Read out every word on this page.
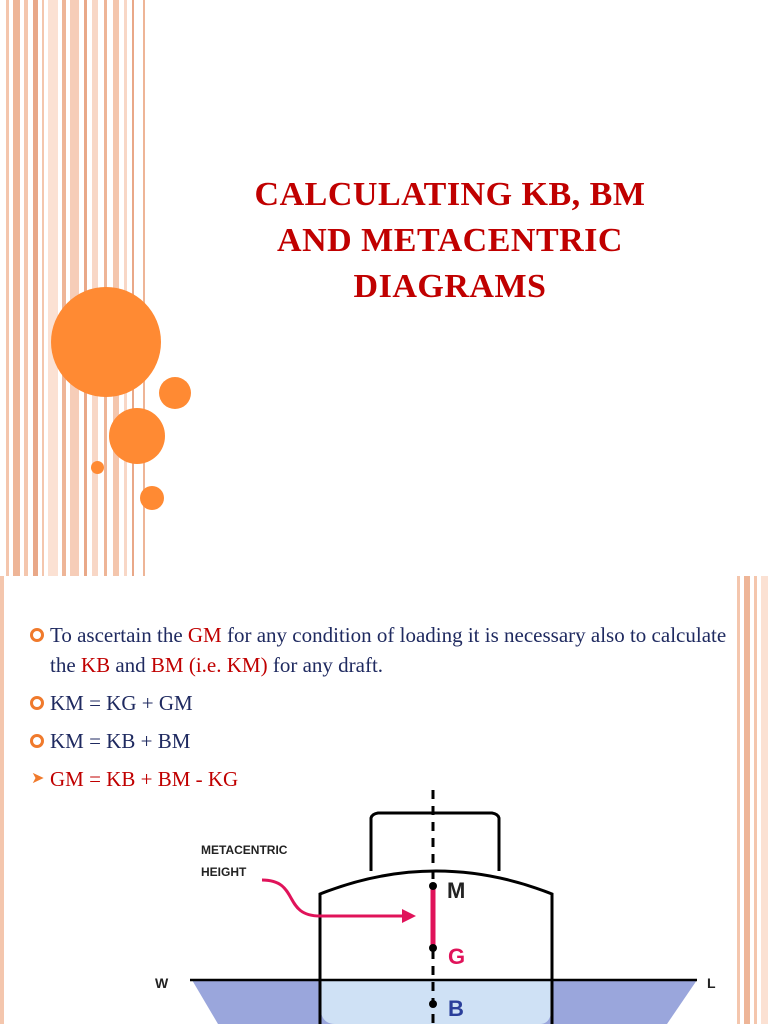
CALCULATING KB, BM
AND METACENTRIC
DIAGRAMS
To ascertain the GM for any condition of loading it is necessary also to calculate the KB and BM (i.e. KM) for any draft.
KM = KG + GM
KM = KB + BM
➤ GM = KB + BM - KG
METACENTRIC
HEIGHT
M
G
B
W	L
